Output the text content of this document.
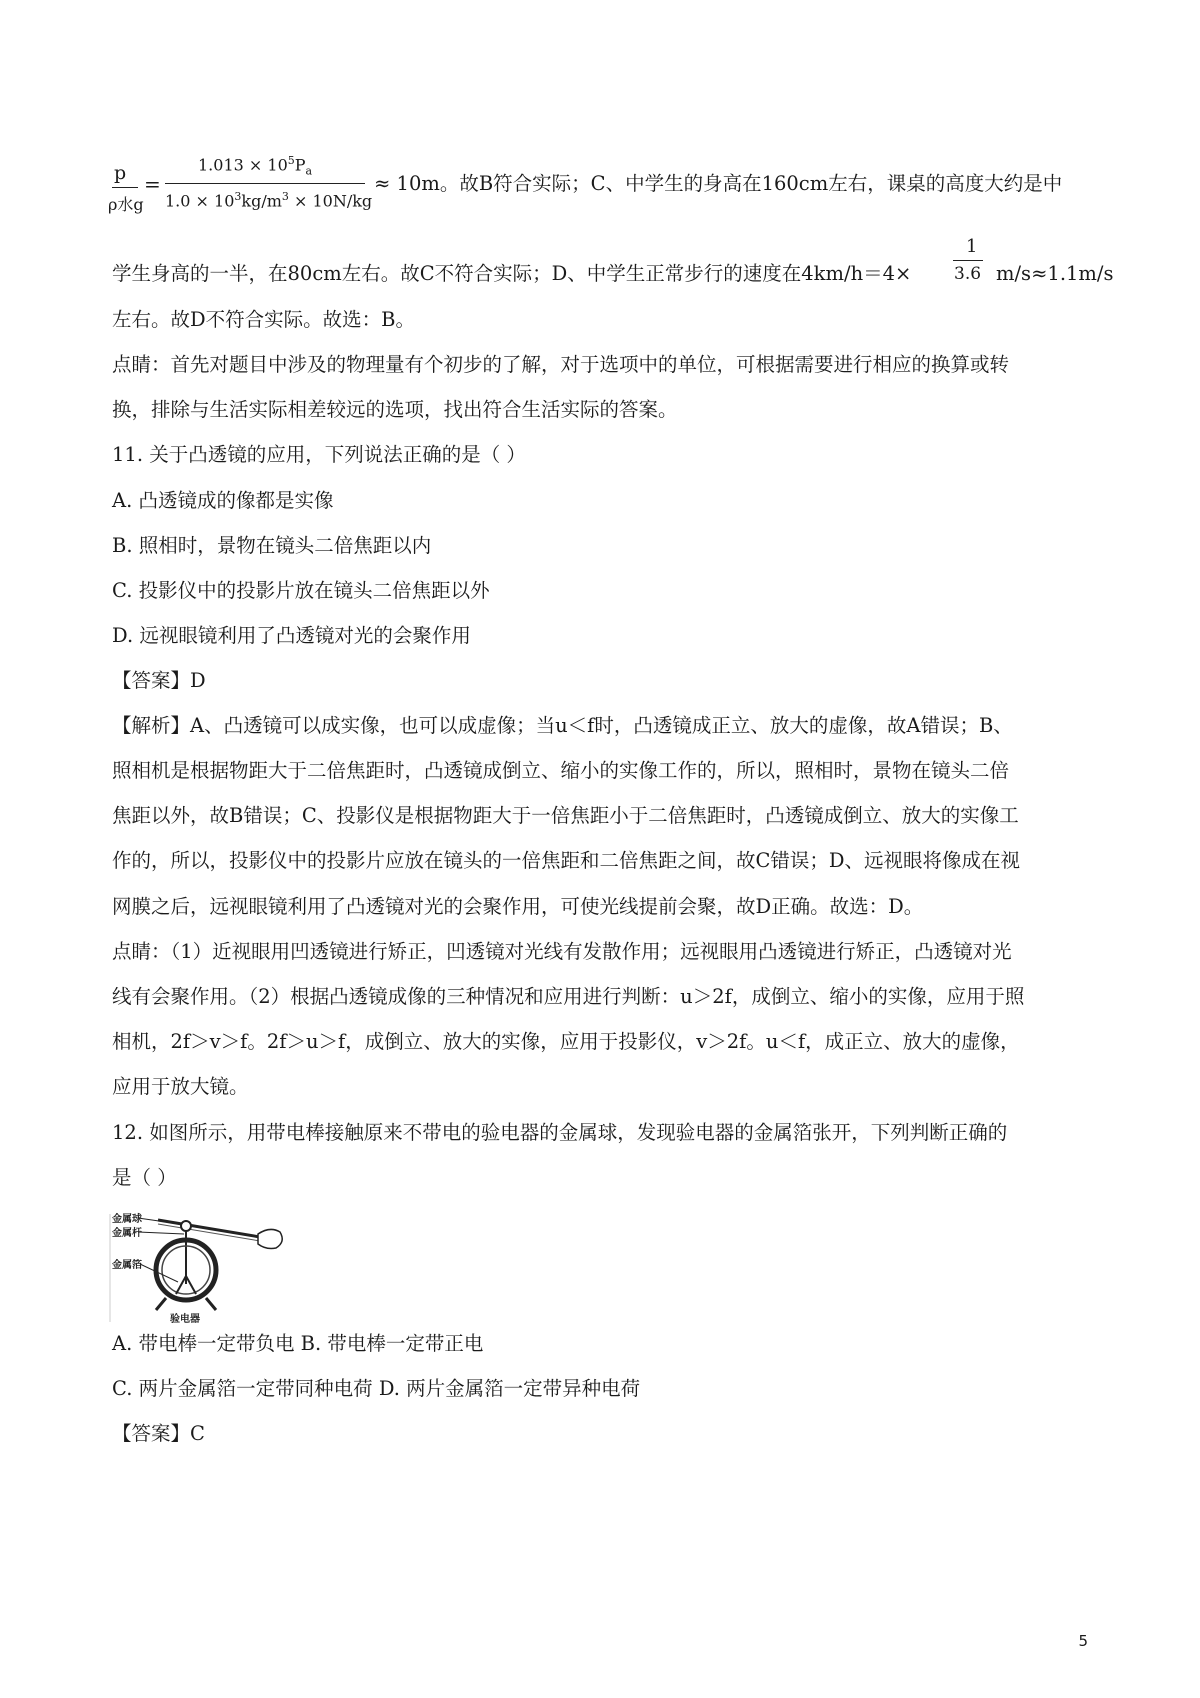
p
ρ水g
=
$1.013 \times 10^5P_a$
$1.0 \times 10^3kg/m^3 \times 10N/kg$
≈ 10m。故B符合实际；C、中学生的身高在160cm左右，课桌的高度大约是中
学生身高的一半，在80cm左右。故C不符合实际；D、中学生正常步行的速度在4km/h＝4×
1
3.6 m/s≈1.1m/s
左右。故D不符合实际。故选：B。
点睛：首先对题目中涉及的物理量有个初步的了解，对于选项中的单位，可根据需要进行相应的换算或转
换，排除与生活实际相差较远的选项，找出符合生活实际的答案。
11. 关于凸透镜的应用，下列说法正确的是（ ）
A. 凸透镜成的像都是实像
B. 照相时，景物在镜头二倍焦距以内
C. 投影仪中的投影片放在镜头二倍焦距以外
D. 远视眼镜利用了凸透镜对光的会聚作用
【答案】D
【解析】A、凸透镜可以成实像，也可以成虚像；当u＜f时，凸透镜成正立、放大的虚像，故A错误；B、
照相机是根据物距大于二倍焦距时，凸透镜成倒立、缩小的实像工作的，所以，照相时，景物在镜头二倍
焦距以外，故B错误；C、投影仪是根据物距大于一倍焦距小于二倍焦距时，凸透镜成倒立、放大的实像工
作的，所以，投影仪中的投影片应放在镜头的一倍焦距和二倍焦距之间，故C错误；D、远视眼将像成在视
网膜之后，远视眼镜利用了凸透镜对光的会聚作用，可使光线提前会聚，故D正确。故选：D。
点睛：（1）近视眼用凹透镜进行矫正，凹透镜对光线有发散作用；远视眼用凸透镜进行矫正，凸透镜对光
线有会聚作用。（2）根据凸透镜成像的三种情况和应用进行判断：u＞2f，成倒立、缩小的实像，应用于照
相机，2f＞v＞f。2f＞u＞f，成倒立、放大的实像，应用于投影仪，v＞2f。u＜f，成正立、放大的虚像，
应用于放大镜。
12. 如图所示，用带电棒接触原来不带电的验电器的金属球，发现验电器的金属箔张开，下列判断正确的
是（ ）
金属球
金属杆
金属箔
验电器
A. 带电棒一定带负电 B. 带电棒一定带正电
C. 两片金属箔一定带同种电荷 D. 两片金属箔一定带异种电荷
【答案】C
5
